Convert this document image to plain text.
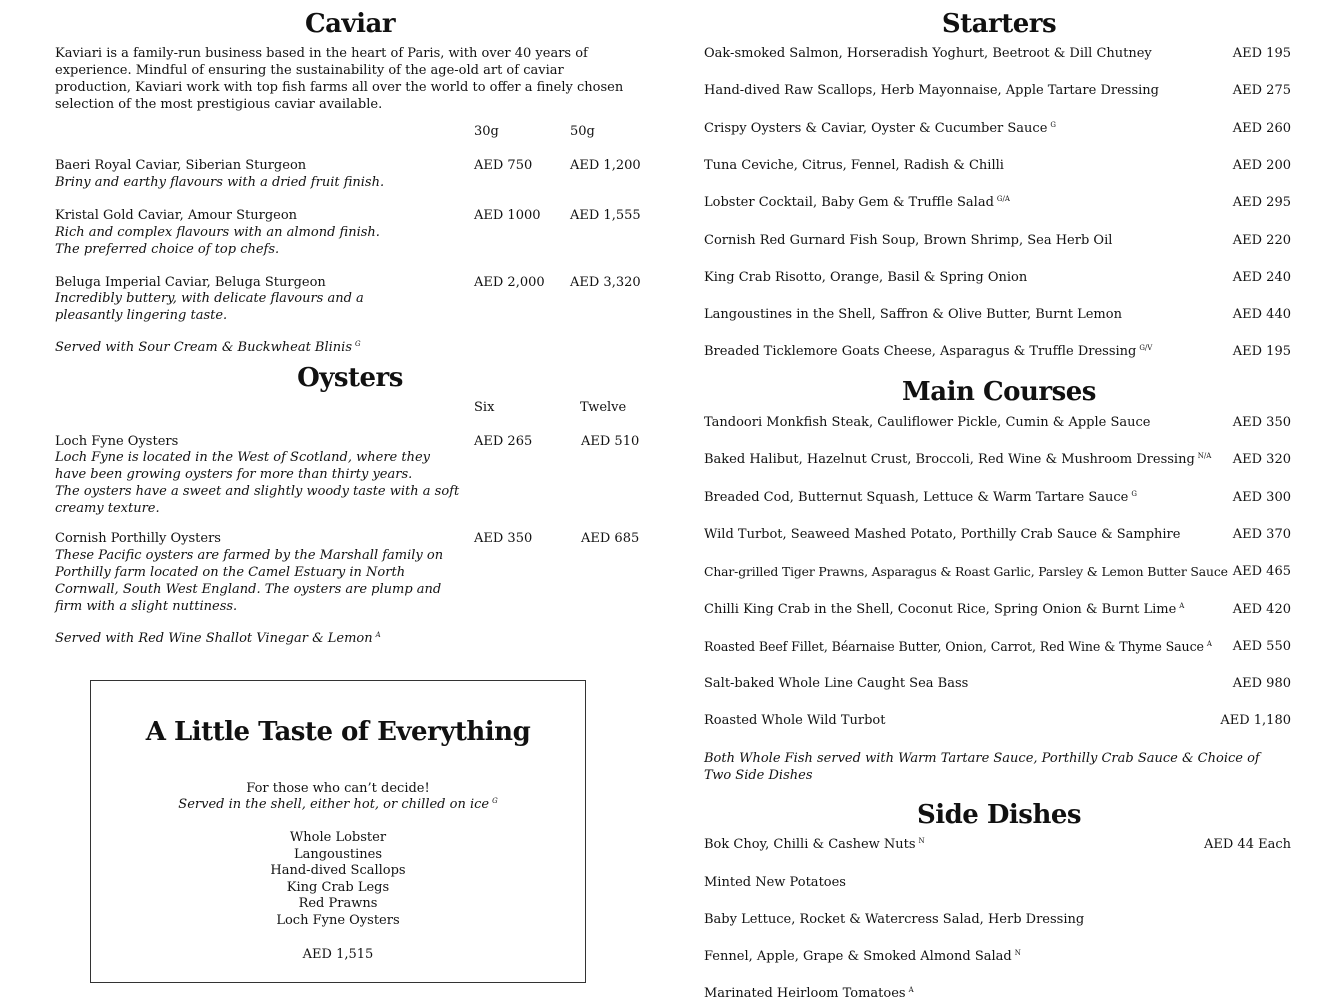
Caviar
Kaviari is a family-run business based in the heart of Paris, with over 40 years of experience. Mindful of ensuring the sustainability of the age-old art of caviar production, Kaviari work with top fish farms all over the world to offer a finely chosen selection of the most prestigious caviar available.
30g	50g
Baeri Royal Caviar, Siberian Sturgeon
Briny and earthy flavours with a dried fruit finish.
AED 750	AED 1,200
Kristal Gold Caviar, Amour Sturgeon
Rich and complex flavours with an almond finish.
The preferred choice of top chefs.
AED 1000 AED 1,555
Beluga Imperial Caviar, Beluga Sturgeon
Incredibly buttery, with delicate flavours and a pleasantly lingering taste.
AED 2,000 AED 3,320
Served with Sour Cream & Buckwheat Blinis $^G$
Oysters
Six	Twelve
Loch Fyne Oysters
Loch Fyne is located in the West of Scotland, where they have been growing oysters for more than thirty years.
The oysters have a sweet and slightly woody taste with a soft creamy texture.
AED 265	AED 510
Cornish Porthilly Oysters
These Pacific oysters are farmed by the Marshall family on Porthilly farm located on the Camel Estuary in North Cornwall, South West England. The oysters are plump and firm with a slight nuttiness.
AED 350	AED 685
Served with Red Wine Shallot Vinegar & Lemon $^A$
A Little Taste of Everything
For those who can’t decide!
Served in the shell, either hot, or chilled on ice $^G$
Whole Lobster
Langoustines
Hand-dived Scallops
King Crab Legs
Red Prawns
Loch Fyne Oysters
AED 1,515
Starters
Oak-smoked Salmon, Horseradish Yoghurt, Beetroot & Dill Chutney	AED 195
Hand-dived Raw Scallops, Herb Mayonnaise, Apple Tartare Dressing	AED 275
Crispy Oysters & Caviar, Oyster & Cucumber Sauce $^G$	AED 260
Tuna Ceviche, Citrus, Fennel, Radish & Chilli	AED 200
Lobster Cocktail, Baby Gem & Truffle Salad $^{G/A}$	AED 295
Cornish Red Gurnard Fish Soup, Brown Shrimp, Sea Herb Oil	AED 220
King Crab Risotto, Orange, Basil & Spring Onion	AED 240
Langoustines in the Shell, Saffron & Olive Butter, Burnt Lemon	AED 440
Breaded Ticklemore Goats Cheese, Asparagus & Truffle Dressing $^{G/V}$	AED 195
Main Courses
Tandoori Monkfish Steak, Cauliflower Pickle, Cumin & Apple Sauce	AED 350
Baked Halibut, Hazelnut Crust, Broccoli, Red Wine & Mushroom Dressing $^{N/A}$ AED 320
Breaded Cod, Butternut Squash, Lettuce & Warm Tartare Sauce $^G$	AED 300
Wild Turbot, Seaweed Mashed Potato, Porthilly Crab Sauce & Samphire	AED 370
Char-grilled Tiger Prawns, Asparagus & Roast Garlic, Parsley & Lemon Butter Sauce AED 465
Chilli King Crab in the Shell, Coconut Rice, Spring Onion & Burnt Lime $^A$	AED 420
Roasted Beef Fillet, Béarnaise Butter, Onion, Carrot, Red Wine & Thyme Sauce $^A$ AED 550
Salt-baked Whole Line Caught Sea Bass	AED 980
Roasted Whole Wild Turbot	AED 1,180
Both Whole Fish served with Warm Tartare Sauce, Porthilly Crab Sauce & Choice of Two Side Dishes
Side Dishes
Bok Choy, Chilli & Cashew Nuts $^N$	AED 44 Each
Minted New Potatoes
Baby Lettuce, Rocket & Watercress Salad, Herb Dressing
Fennel, Apple, Grape & Smoked Almond Salad $^N$
Marinated Heirloom Tomatoes $^A$
